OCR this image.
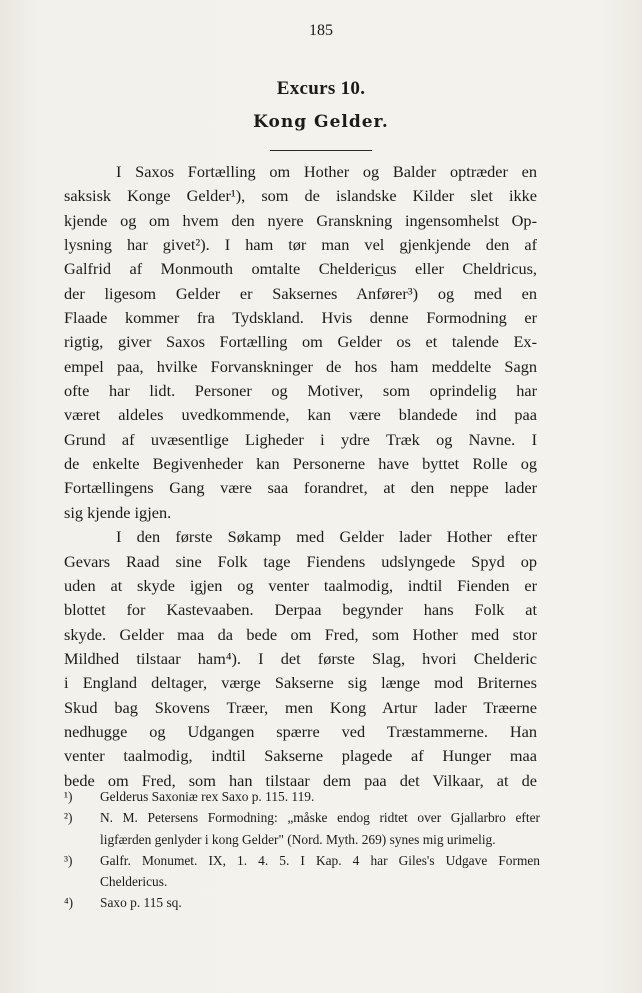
185
Excurs 10.
Kong Gelder.
I Saxos Fortælling om Hother og Balder optræder en
saksisk Konge Gelder¹), som de islandske Kilder slet ikke
kjende og om hvem den nyere Granskning ingensomhelst Op-
lysning har givet²). I ham tør man vel gjenkjende den af
Galfrid af Monmouth omtalte Chelderic̲us eller Cheldricus,
der ligesom Gelder er Saksernes Anfører³) og med en
Flaade kommer fra Tydskland. Hvis denne Formodning er
rigtig, giver Saxos Fortælling om Gelder os et talende Ex-
empel paa, hvilke Forvanskninger de hos ham meddelte Sagn
ofte har lidt. Personer og Motiver, som oprindelig har
været aldeles uvedkommende, kan være blandede ind paa
Grund af uvæsentlige Ligheder i ydre Træk og Navne. I
de enkelte Begivenheder kan Personerne have byttet Rolle og
Fortællingens Gang være saa forandret, at den neppe lader
sig kjende igjen.
I den første Søkamp med Gelder lader Hother efter
Gevars Raad sine Folk tage Fiendens udslyngede Spyd op
uden at skyde igjen og venter taalmodig, indtil Fienden er
blottet for Kastevaaben. Derpaa begynder hans Folk at
skyde. Gelder maa da bede om Fred, som Hother med stor
Mildhed tilstaar ham⁴). I det første Slag, hvori Chelderic
i England deltager, værge Sakserne sig længe mod Briternes
Skud bag Skovens Træer, men Kong Artur lader Træerne
nedhugge og Udgangen spærre ved Træstammerne. Han
venter taalmodig, indtil Sakserne plagede af Hunger maa
bede om Fred, som han tilstaar dem paa det Vilkaar, at de
¹)	Gelderus Saxoniæ rex Saxo p. 115. 119.
²)	N. M. Petersens Formodning: „måske endog ridtet over Gjallarbro efter
ligfærden genlyder i kong Gelder" (Nord. Myth. 269) synes mig urimelig.
³)	Galfr. Monumet. IX, 1. 4. 5. I Kap. 4 har Giles's Udgave Formen
Cheldericus.
⁴)	Saxo p. 115 sq.
